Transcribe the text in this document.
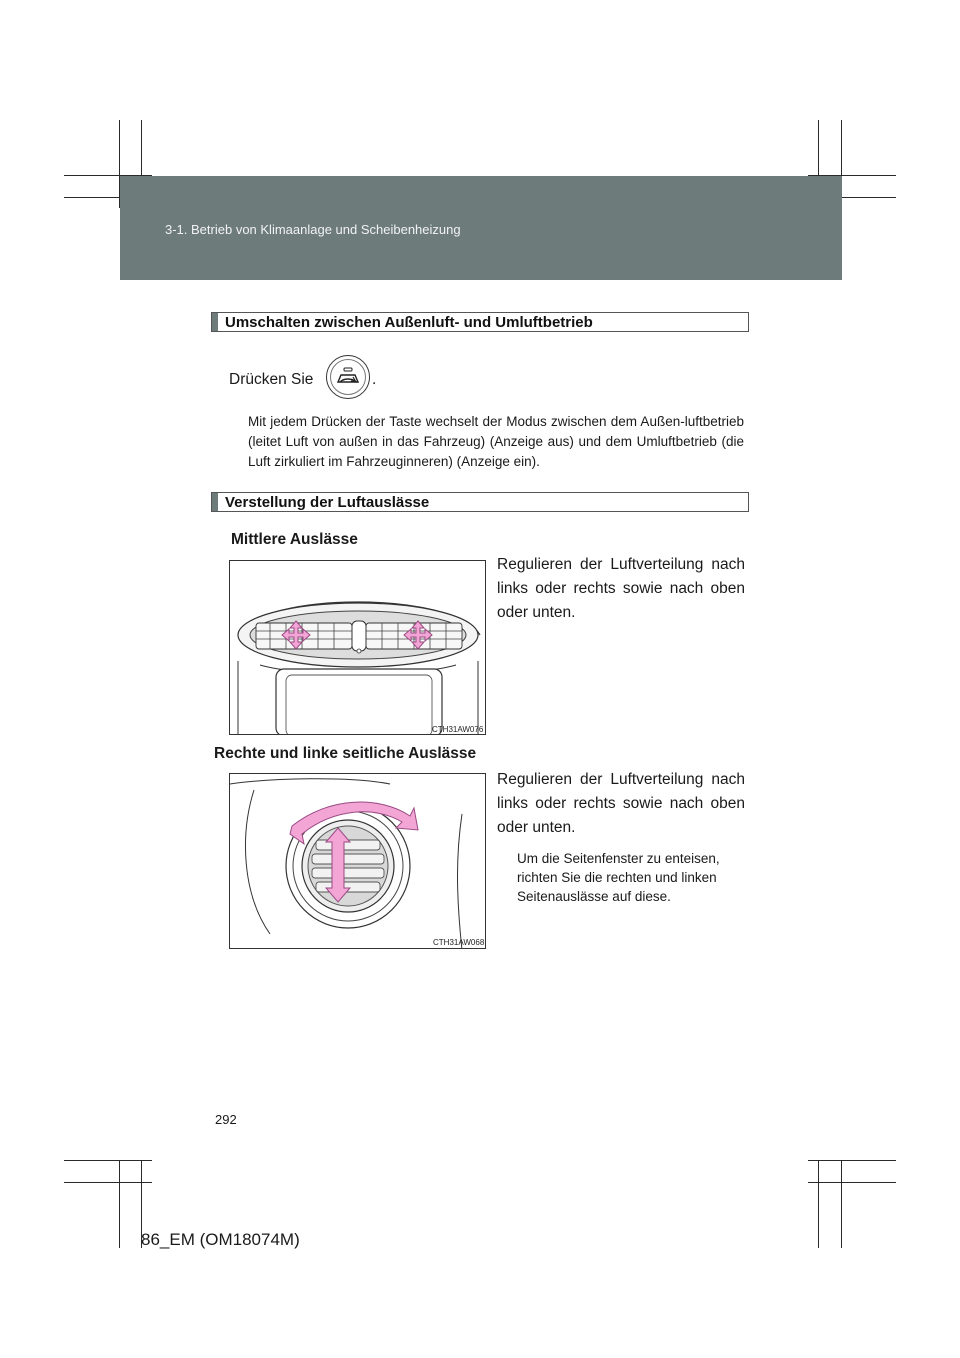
3-1. Betrieb von Klimaanlage und Scheibenheizung
Umschalten zwischen Außenluft- und Umluftbetrieb
Drücken Sie	.
Mit jedem Drücken der Taste wechselt der Modus zwischen dem Außen-luftbetrieb (leitet Luft von außen in das Fahrzeug) (Anzeige aus) und dem Umluftbetrieb (die Luft zirkuliert im Fahrzeuginneren) (Anzeige ein).
Verstellung der Luftauslässe
Mittlere Auslässe
CTH31AW076
Regulieren der Luftverteilung nach links oder rechts sowie nach oben oder unten.
Rechte und linke seitliche Auslässe
CTH31AW068
Regulieren der Luftverteilung nach links oder rechts sowie nach oben oder unten.
Um die Seitenfenster zu enteisen, richten Sie die rechten und linken Seitenauslässe auf diese.
292
86_EM (OM18074M)
